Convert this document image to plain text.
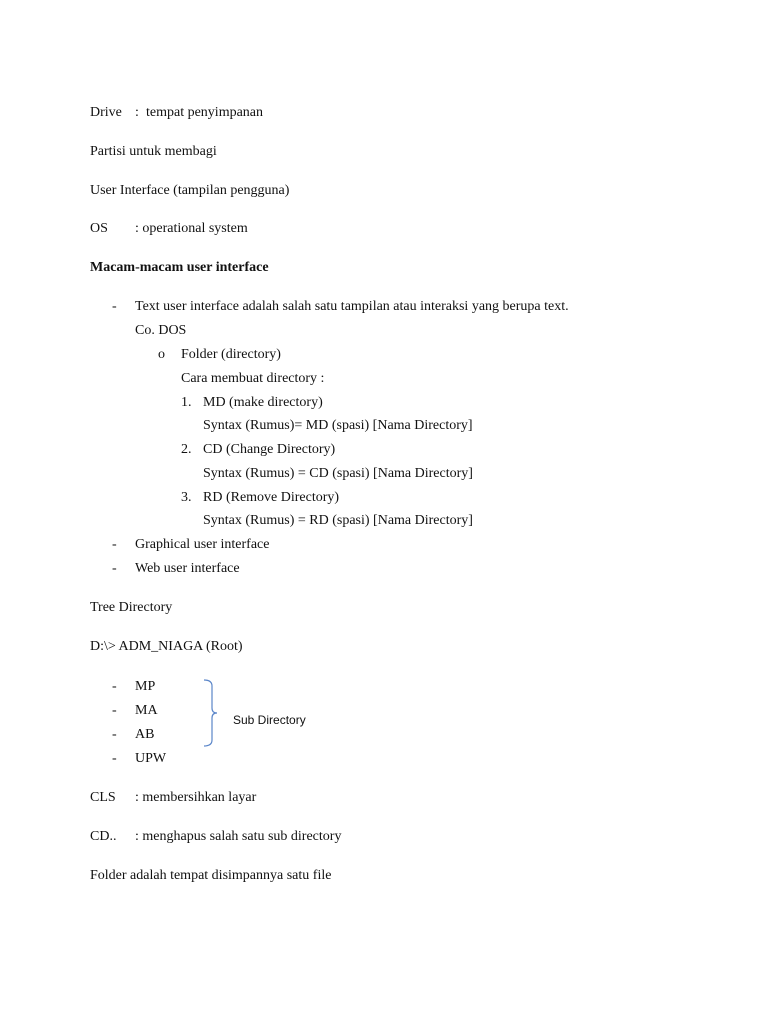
Drive : tempat penyimpanan
Partisi untuk membagi
User Interface (tampilan pengguna)
OS : operational system
Macam-macam user interface
- Text user interface adalah salah satu tampilan atau interaksi yang berupa text.
Co. DOS
o Folder (directory)
Cara membuat directory :
1. MD (make directory)
Syntax (Rumus)= MD (spasi) [Nama Directory]
2. CD (Change Directory)
Syntax (Rumus) = CD (spasi) [Nama Directory]
3. RD (Remove Directory)
Syntax (Rumus) = RD (spasi) [Nama Directory]
- Graphical user interface
- Web user interface
Tree Directory
D:\> ADM_NIAGA (Root)
- MP
- MA
- AB
- UPW
Sub Directory
CLS : membersihkan layar
CD.. : menghapus salah satu sub directory
Folder adalah tempat disimpannya satu file
